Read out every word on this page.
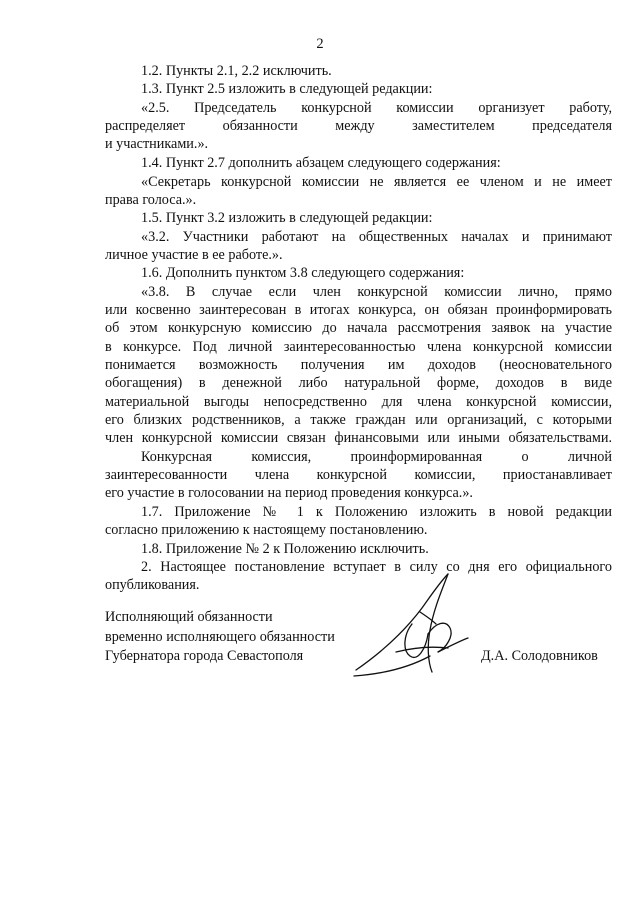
2
1.2. Пункты 2.1, 2.2 исключить.
1.3. Пункт 2.5 изложить в следующей редакции:
«2.5. Председатель конкурсной комиссии организует работу,
распределяет обязанности между заместителем председателя
и участниками.».
1.4. Пункт 2.7 дополнить абзацем следующего содержания:
«Секретарь конкурсной комиссии не является ее членом и не имеет
права голоса.».
1.5. Пункт 3.2 изложить в следующей редакции:
«3.2. Участники работают на общественных началах и принимают
личное участие в ее работе.».
1.6. Дополнить пунктом 3.8 следующего содержания:
«3.8. В случае если член конкурсной комиссии лично, прямо
или косвенно заинтересован в итогах конкурса, он обязан проинформировать
об этом конкурсную комиссию до начала рассмотрения заявок на участие
в конкурсе. Под личной заинтересованностью члена конкурсной комиссии
понимается возможность получения им доходов (неосновательного
обогащения) в денежной либо натуральной форме, доходов в виде
материальной выгоды непосредственно для члена конкурсной комиссии,
его близких родственников, а также граждан или организаций, с которыми
член конкурсной комиссии связан финансовыми или иными обязательствами.
Конкурсная комиссия, проинформированная о личной
заинтересованности члена конкурсной комиссии, приостанавливает
его участие в голосовании на период проведения конкурса.».
1.7. Приложение № 1 к Положению изложить в новой редакции
согласно приложению к настоящему постановлению.
1.8. Приложение № 2 к Положению исключить.
2. Настоящее постановление вступает в силу со дня его официального
опубликования.
Исполняющий обязанности
временно исполняющего обязанности
Губернатора города Севастополя	Д.А. Солодовников
